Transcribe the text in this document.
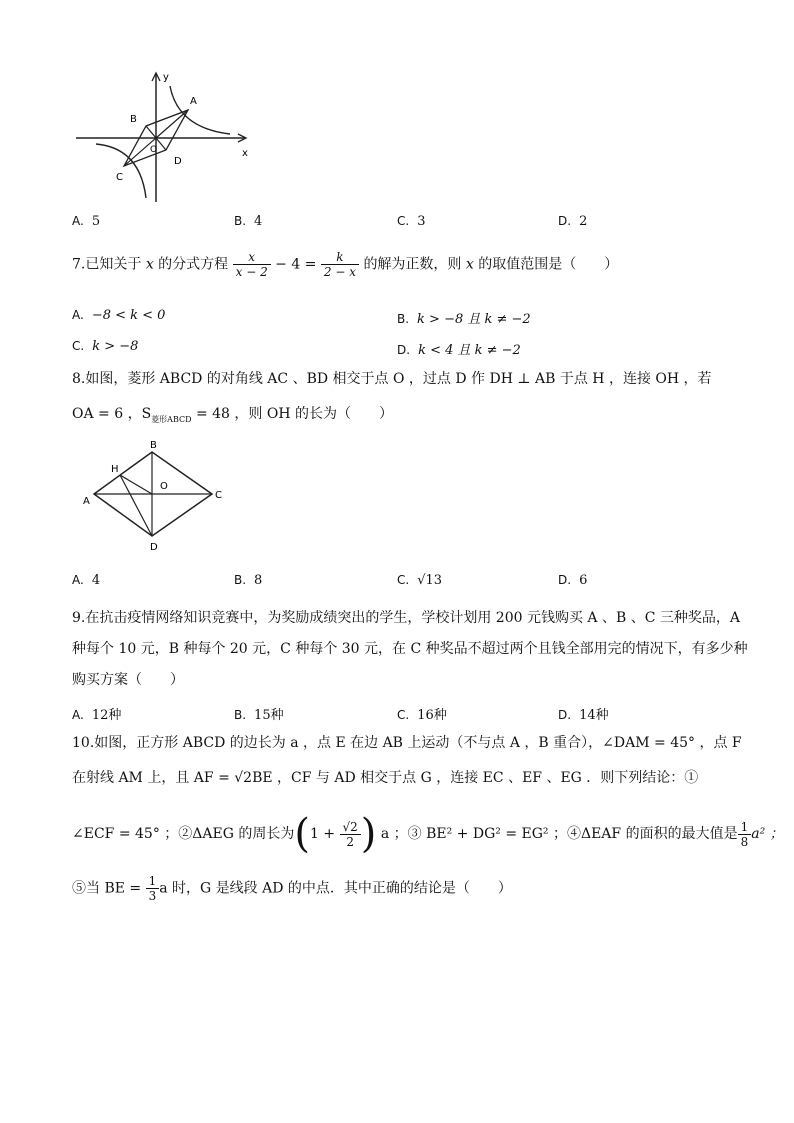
y
x
A
B
C
D
O
A. 5	B. 4	C. 3	D. 2
7.已知关于 x 的分式方程 $\frac{x}{x - 2} - 4 = \frac{k}{2 - x}$ 的解为正数，则 x 的取值范围是（　　）
A. −8 < k < 0	B. k > −8 且 k ≠ −2
C. k > −8	D. k < 4 且 k ≠ −2
8.如图，菱形 ABCD 的对角线 AC 、BD 相交于点 O ，过点 D 作 DH ⊥ AB 于点 H ，连接 OH ，若
OA = 6 ，$S_{菱形ABCD} = 48$ ，则 OH 的长为（　　）
A
B
C
D
H
O
A. 4	B. 8	C. √13	D. 6
9.在抗击疫情网络知识竞赛中，为奖励成绩突出的学生，学校计划用 200 元钱购买 A 、B 、C 三种奖品，A
种每个 10 元，B 种每个 20 元，C 种每个 30 元，在 C 种奖品不超过两个且钱全部用完的情况下，有多少种
购买方案（　　）
A. 12种	B. 15种	C. 16种	D. 14种
10.如图，正方形 ABCD 的边长为 a ，点 E 在边 AB 上运动（不与点 A ，B 重合），∠DAM = 45° ，点 F
在射线 AM 上，且 AF = √2BE ，CF 与 AD 相交于点 G ，连接 EC 、EF 、EG ．则下列结论：①
∠ECF = 45° ；②ΔAEG 的周长为($1 + \frac{√2}{2}$ ) a ；③ BE² + DG² = EG² ；④ΔEAF 的面积的最大值是 $\frac{1}{8} a^2$ ；
⑤当 BE = $\frac{1}{3}$ a 时，G 是线段 AD 的中点．其中正确的结论是（　　）
